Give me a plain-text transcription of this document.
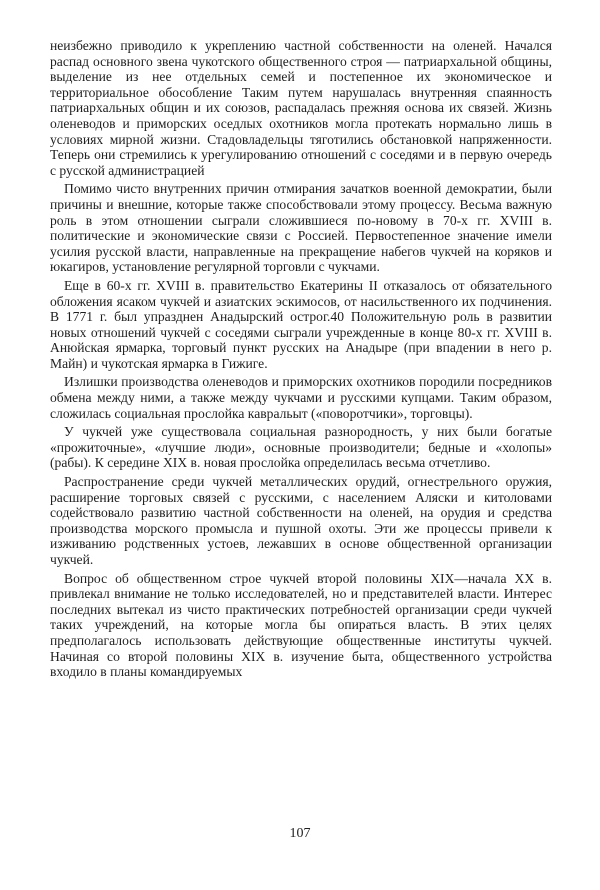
неизбежно приводило к укреплению частной собственности на оленей. Начался распад основного звена чукотского общественного строя — патриархальной общины, выделение из нее отдельных семей и постепенное их экономическое и территориальное обособление Таким путем нарушалась внутренняя спаянность патриархальных общин и их союзов, распадалась прежняя основа их связей. Жизнь оленеводов и приморских оседлых охотников могла протекать нормально лишь в условиях мирной жизни. Стадовладельцы тяготились обстановкой напряженности. Теперь они стремились к урегулированию отношений с соседями и в первую очередь с русской администрацией

Помимо чисто внутренних причин отмирания зачатков военной демократии, были причины и внешние, которые также способствовали этому процессу. Весьма важную роль в этом отношении сыграли сложившиеся по-новому в 70-х гг. XVIII в. политические и экономические связи с Россией. Первостепенное значение имели усилия русской власти, направленные на прекращение набегов чукчей на коряков и юкагиров, установление регулярной торговли с чукчами.

Еще в 60-х гг. XVIII в. правительство Екатерины II отказалось от обязательного обложения ясаком чукчей и азиатских эскимосов, от насильственного их подчинения. В 1771 г. был упразднен Анадырский острог.40 Положительную роль в развитии новых отношений чукчей с соседями сыграли учрежденные в конце 80-х гг. XVIII в. Анюйская ярмарка, торговый пункт русских на Анадыре (при впадении в него р. Майн) и чукотская ярмарка в Гижиге.

Излишки производства оленеводов и приморских охотников породили посредников обмена между ними, а также между чукчами и русскими купцами. Таким образом, сложилась социальная прослойка кавральыт («поворотчики», торговцы).

У чукчей уже существовала социальная разнородность, у них были богатые «прожиточные», «лучшие люди», основные производители; бедные и «холопы» (рабы). К середине XIX в. новая прослойка определилась весьма отчетливо.

Распространение среди чукчей металлических орудий, огнестрельного оружия, расширение торговых связей с русскими, с населением Аляски и китоловами содействовало развитию частной собственности на оленей, на орудия и средства производства морского промысла и пушной охоты. Эти же процессы привели к изживанию родственных устоев, лежавших в основе общественной организации чукчей.

Вопрос об общественном строе чукчей второй половины XIX—начала XX в. привлекал внимание не только исследователей, но и представителей власти. Интерес последних вытекал из чисто практических потребностей организации среди чукчей таких учреждений, на которые могла бы опираться власть. В этих целях предполагалось использовать действующие общественные институты чукчей. Начиная со второй половины XIX в. изучение быта, общественного устройства входило в планы командируемых

107
